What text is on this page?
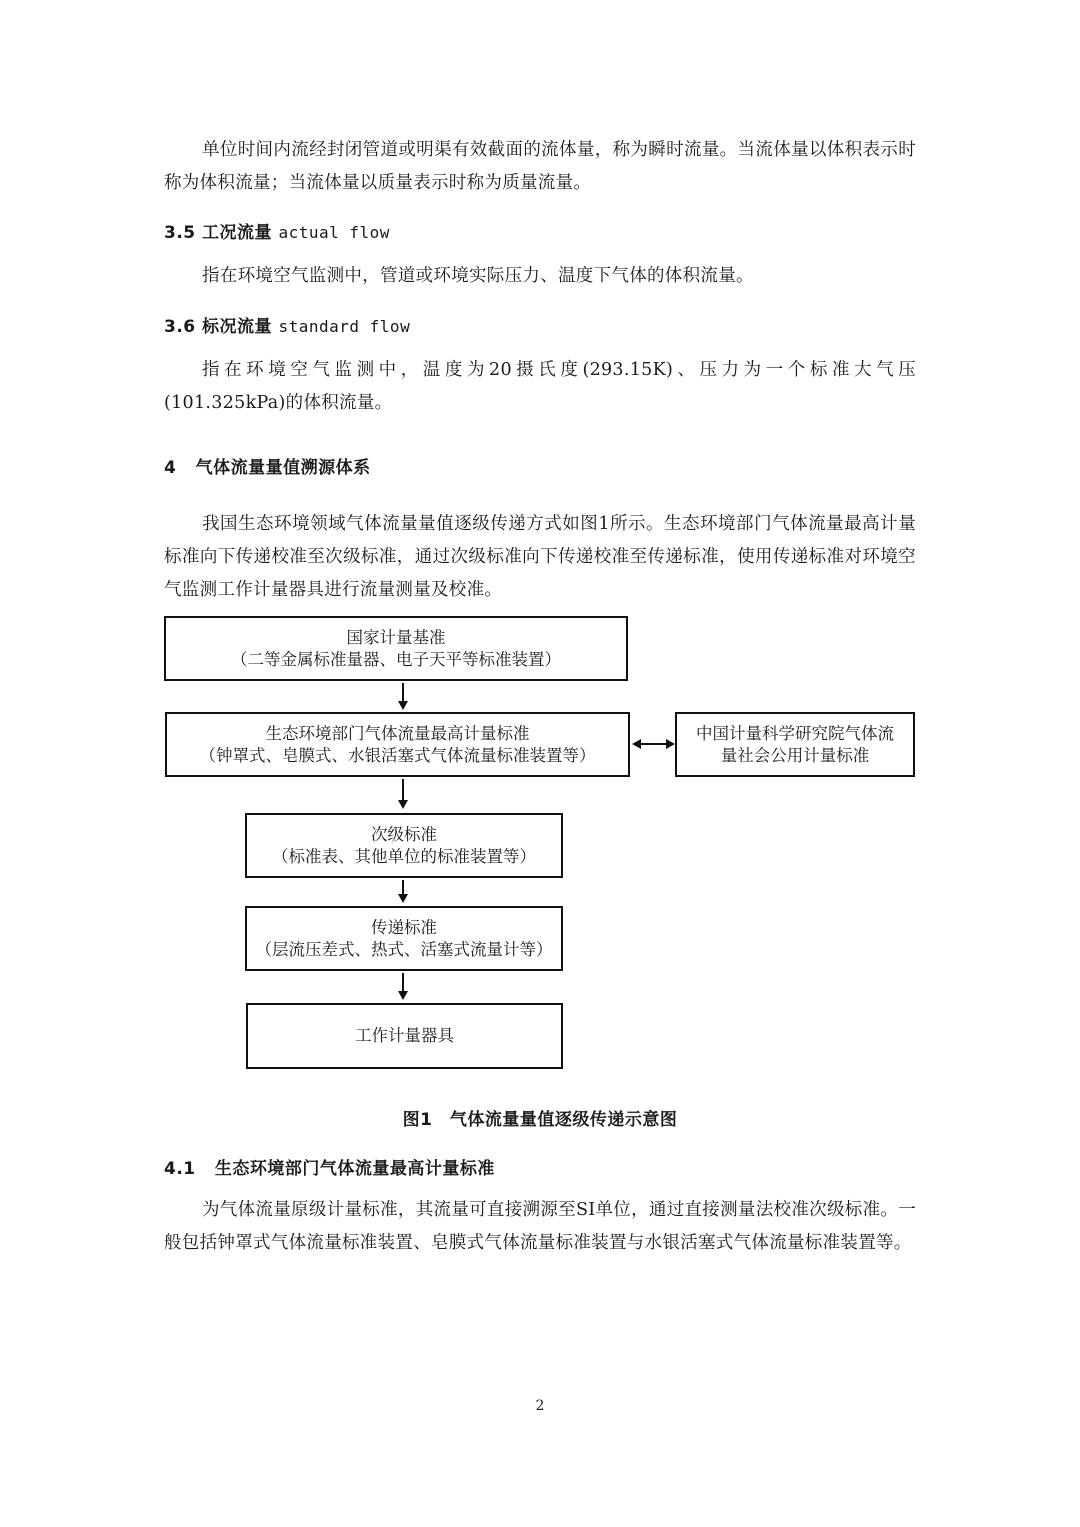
单位时间内流经封闭管道或明渠有效截面的流体量，称为瞬时流量。当流体量以体积表示时称为体积流量；当流体量以质量表示时称为质量流量。
3.5 工况流量 actual flow
指在环境空气监测中，管道或环境实际压力、温度下气体的体积流量。
3.6 标况流量 standard flow
指在环境空气监测中，温度为20摄氏度(293.15K)、压力为一个标准大气压(101.325kPa)的体积流量。
4 气体流量量值溯源体系
我国生态环境领域气体流量量值逐级传递方式如图1所示。生态环境部门气体流量最高计量标准向下传递校准至次级标准，通过次级标准向下传递校准至传递标准，使用传递标准对环境空气监测工作计量器具进行流量测量及校准。
国家计量基准
（二等金属标准量器、电子天平等标准装置）
生态环境部门气体流量最高计量标准
（钟罩式、皂膜式、水银活塞式气体流量标准装置等）
中国计量科学研究院气体流
量社会公用计量标准
次级标准
（标准表、其他单位的标准装置等）
传递标准
（层流压差式、热式、活塞式流量计等）
工作计量器具
图1　气体流量量值逐级传递示意图
4.1 生态环境部门气体流量最高计量标准
为气体流量原级计量标准，其流量可直接溯源至SI单位，通过直接测量法校准次级标准。一般包括钟罩式气体流量标准装置、皂膜式气体流量标准装置与水银活塞式气体流量标准装置等。
2
